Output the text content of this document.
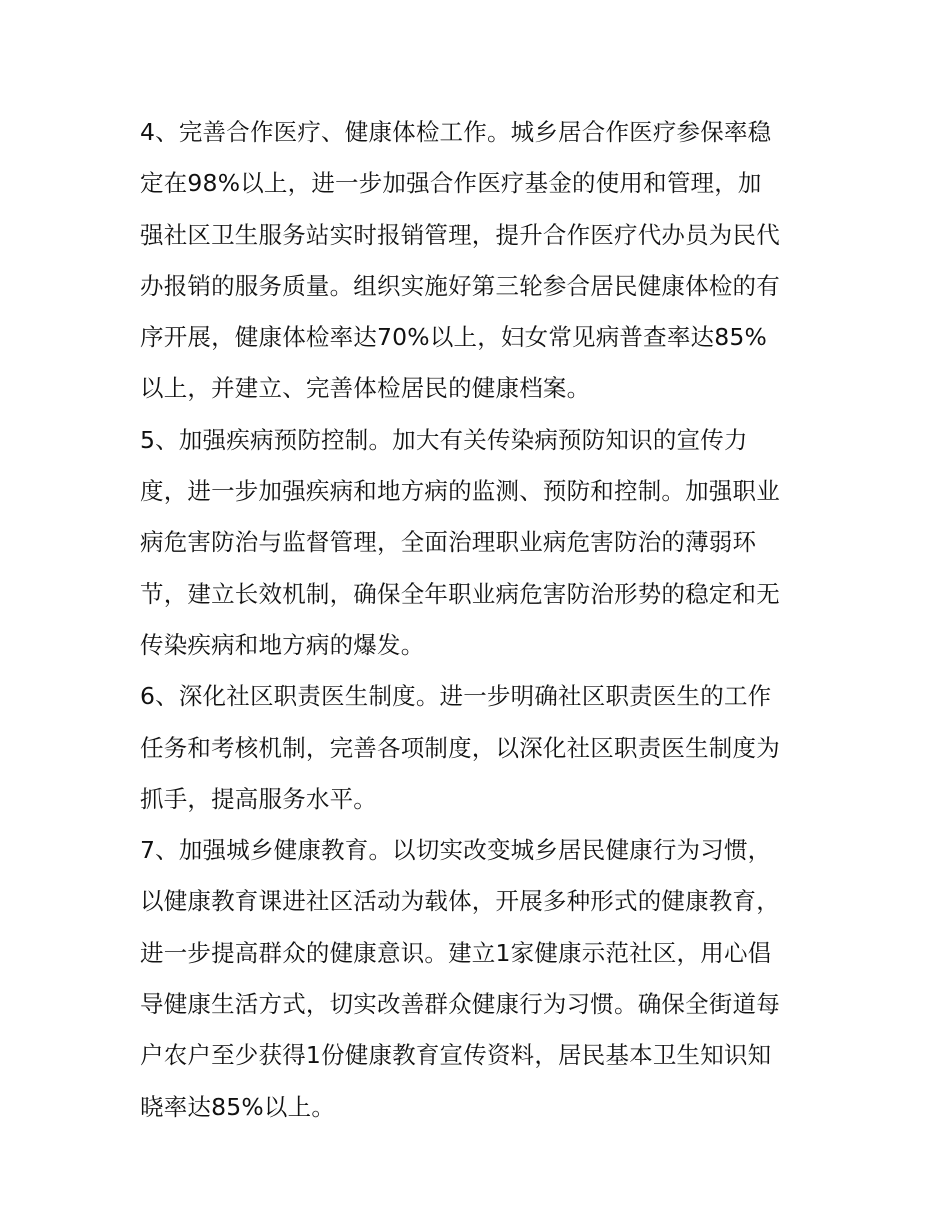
4、完善合作医疗、健康体检工作。城乡居合作医疗参保率稳
定在98%以上，进一步加强合作医疗基金的使用和管理，加
强社区卫生服务站实时报销管理，提升合作医疗代办员为民代
办报销的服务质量。组织实施好第三轮参合居民健康体检的有
序开展，健康体检率达70%以上，妇女常见病普查率达85%
以上，并建立、完善体检居民的健康档案。
5、加强疾病预防控制。加大有关传染病预防知识的宣传力
度，进一步加强疾病和地方病的监测、预防和控制。加强职业
病危害防治与监督管理，全面治理职业病危害防治的薄弱环
节，建立长效机制，确保全年职业病危害防治形势的稳定和无
传染疾病和地方病的爆发。
6、深化社区职责医生制度。进一步明确社区职责医生的工作
任务和考核机制，完善各项制度，以深化社区职责医生制度为
抓手，提高服务水平。
7、加强城乡健康教育。以切实改变城乡居民健康行为习惯，
以健康教育课进社区活动为载体，开展多种形式的健康教育，
进一步提高群众的健康意识。建立1家健康示范社区，用心倡
导健康生活方式，切实改善群众健康行为习惯。确保全街道每
户农户至少获得1份健康教育宣传资料，居民基本卫生知识知
晓率达85%以上。
